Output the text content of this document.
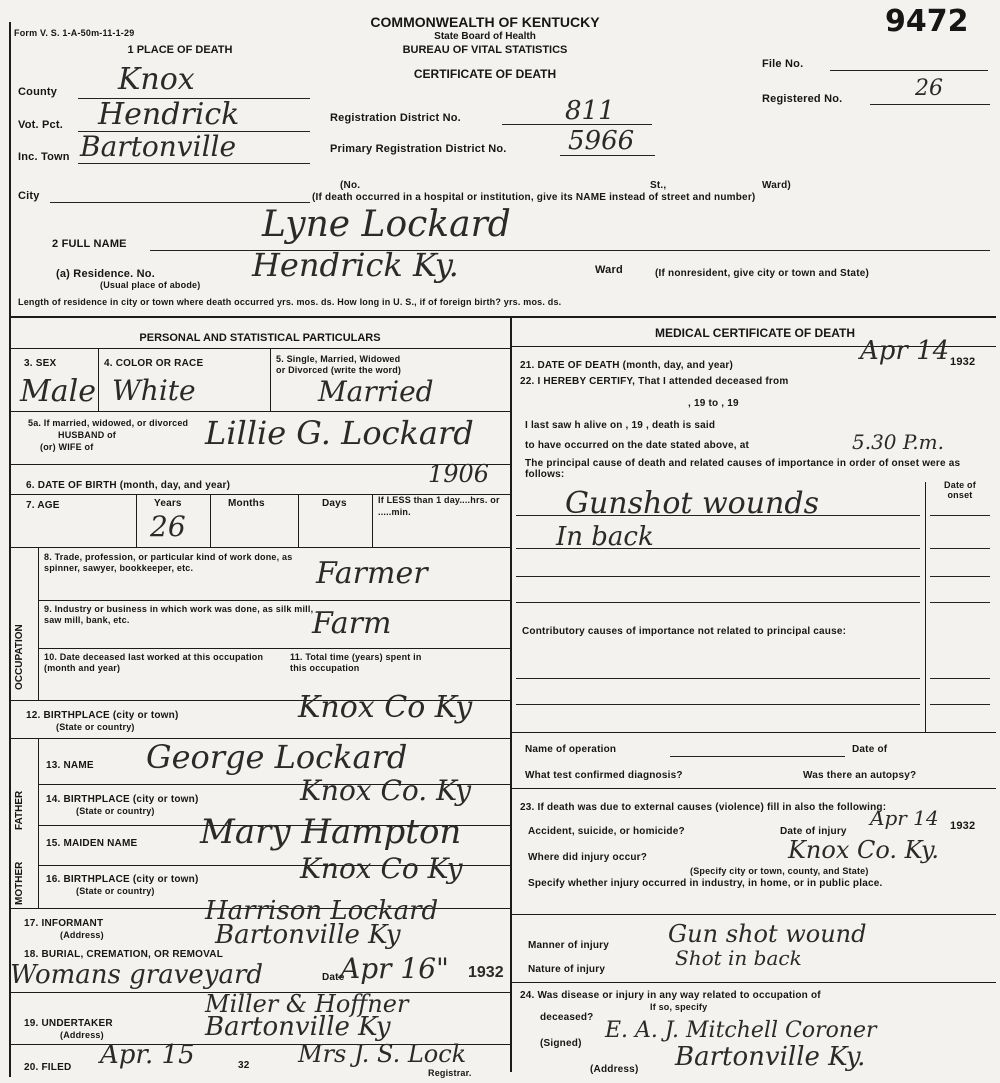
Form V. S. 1-A-50m-11-1-29
COMMONWEALTH OF KENTUCKY
State Board of Health
BUREAU OF VITAL STATISTICS
CERTIFICATE OF DEATH
9472
File No.
Registered No.	26
1 PLACE OF DEATH
County Knox
Vot. Pct. Hendrick
Inc. Town Bartonville
Registration District No.	811
Primary Registration District No. 5966
City
(No.	St.,	Ward)
(If death occurred in a hospital or institution, give its NAME instead of street and number)
2 FULL NAME	Lyne Lockard
(a) Residence. No.
(Usual place of abode)
Hendrick Ky.	Ward	(If nonresident, give city or town and State)
Length of residence in city or town where death occurred yrs. mos. ds. How long in U. S., if of foreign birth? yrs. mos. ds.
PERSONAL AND STATISTICAL PARTICULARS
3. SEX
Male
4. COLOR OR RACE
White
5. Single, Married, Widowed
or Divorced (write the word)
Married
5a. If married, widowed, or divorced
HUSBAND of
(or) WIFE of	Lillie G. Lockard
6. DATE OF BIRTH (month, day, and year)	1906
7. AGE	Years
26
Months	Days	If LESS than 1 day....hrs. or .....min.
OCCUPATION
8. Trade, profession, or particular kind of work done, as spinner, sawyer, bookkeeper, etc.	Farmer
9. Industry or business in which work was done, as silk mill, saw mill, bank, etc.	Farm
10. Date deceased last worked at this occupation (month and year)
11. Total time (years) spent in this occupation
12. BIRTHPLACE (city or town)
(State or country)
Knox Co Ky
FATHER
MOTHER
13. NAME George Lockard
14. BIRTHPLACE (city or town)
(State or country)
Knox Co. Ky
15. MAIDEN NAME Mary Hampton
16. BIRTHPLACE (city or town)
(State or country)
Knox Co Ky
17. INFORMANT
(Address)
Harrison Lockard
Bartonville Ky
18. BURIAL, CREMATION, OR REMOVAL
Womans graveyard	Date
Apr 16" 1932
19. UNDERTAKER
(Address)
Miller & Hoffner
Bartonville Ky
20. FILED Apr. 15	32 Mrs J. S. Lock
Registrar.
MEDICAL CERTIFICATE OF DEATH
21. DATE OF DEATH (month, day, and year)	Apr 14 1932
22. I HEREBY CERTIFY, That I attended deceased from
, 19 to , 19
I last saw h alive on , 19 , death is said
to have occurred on the date stated above, at	5.30 P.m.
The principal cause of death and related causes of importance in order of onset were as follows:
Date of onset
Gunshot wounds
In back
Contributory causes of importance not related to principal cause:
Name of operation	Date of
What test confirmed diagnosis?	Was there an autopsy?
23. If death was due to external causes (violence) fill in also the following:
Accident, suicide, or homicide?	Date of injury
Apr 14 1932
Where did injury occur?	Knox Co. Ky.
(Specify city or town, county, and State)
Specify whether injury occurred in industry, in home, or in public place.
Manner of injury Gun shot wound
Nature of injury	Shot in back
24. Was disease or injury in any way related to occupation of
deceased?
If so, specify
(Signed)
E. A. J. Mitchell Coroner
(Address) Bartonville Ky.
